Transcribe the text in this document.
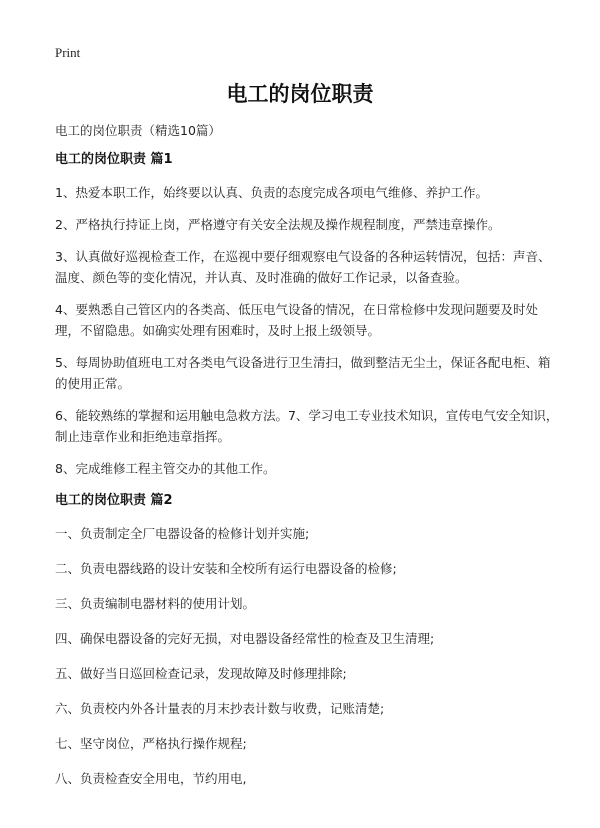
Print
电工的岗位职责
电工的岗位职责（精选10篇）
电工的岗位职责 篇1

1、热爱本职工作，始终要以认真、负责的态度完成各项电气维修、养护工作。

2、严格执行持证上岗，严格遵守有关安全法规及操作规程制度，严禁违章操作。

3、认真做好巡视检查工作，在巡视中要仔细观察电气设备的各种运转情况，包括：声音、温度、颜色等的变化情况，并认真、及时准确的做好工作记录，以备查验。

4、要熟悉自己管区内的各类高、低压电气设备的情况，在日常检修中发现问题要及时处理，不留隐患。如确实处理有困难时，及时上报上级领导。

5、每周协助值班电工对各类电气设备进行卫生清扫，做到整洁无尘土，保证各配电柜、箱的使用正常。

6、能较熟练的掌握和运用触电急救方法。7、学习电工专业技术知识，宣传电气安全知识，制止违章作业和拒绝违章指挥。

8、完成维修工程主管交办的其他工作。

电工的岗位职责 篇2

一、负责制定全厂电器设备的检修计划并实施;

二、负责电器线路的设计安装和全校所有运行电器设备的检修;

三、负责编制电器材料的使用计划。

四、确保电器设备的完好无损，对电器设备经常性的检查及卫生清理;

五、做好当日巡回检查记录，发现故障及时修理排除;

六、负责校内外各计量表的月末抄表计数与收费，记账清楚;

七、坚守岗位，严格执行操作规程;

八、负责检查安全用电，节约用电,
